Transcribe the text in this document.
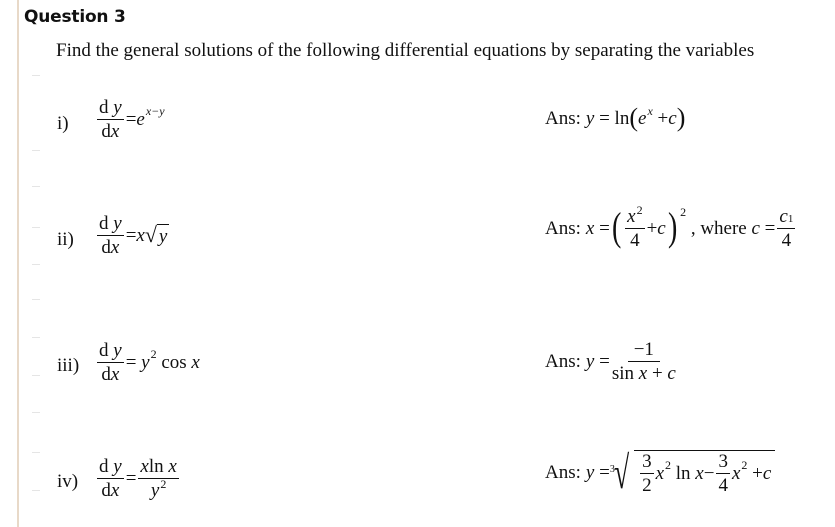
Question 3
Find the general solutions of the following differential equations by separating the variables
$i) \frac{\text{d y}}{dx} = e$ x−y	Ans: y = ln ( e x + c )
$ii) \frac{\text{d y}}{dx} = x$ √ y	Ans: x = ( $\frac{x^2}{4} + c$ ) 2

, where
$c = \frac{c1}{4}$
$iii) \frac{\text{d y}}{dx} = y$ 2 cos x	Ans: $y = \frac{-1}{\text{sin x + c}}$
$iv) \frac{\text{d y}}{dx} = \frac{\text{xln x}}{y^2}$	Ans: y = 3 √ $\frac{3}{2}$ x 2 $\ln x - \frac{3}{4}$ x 2 + c
